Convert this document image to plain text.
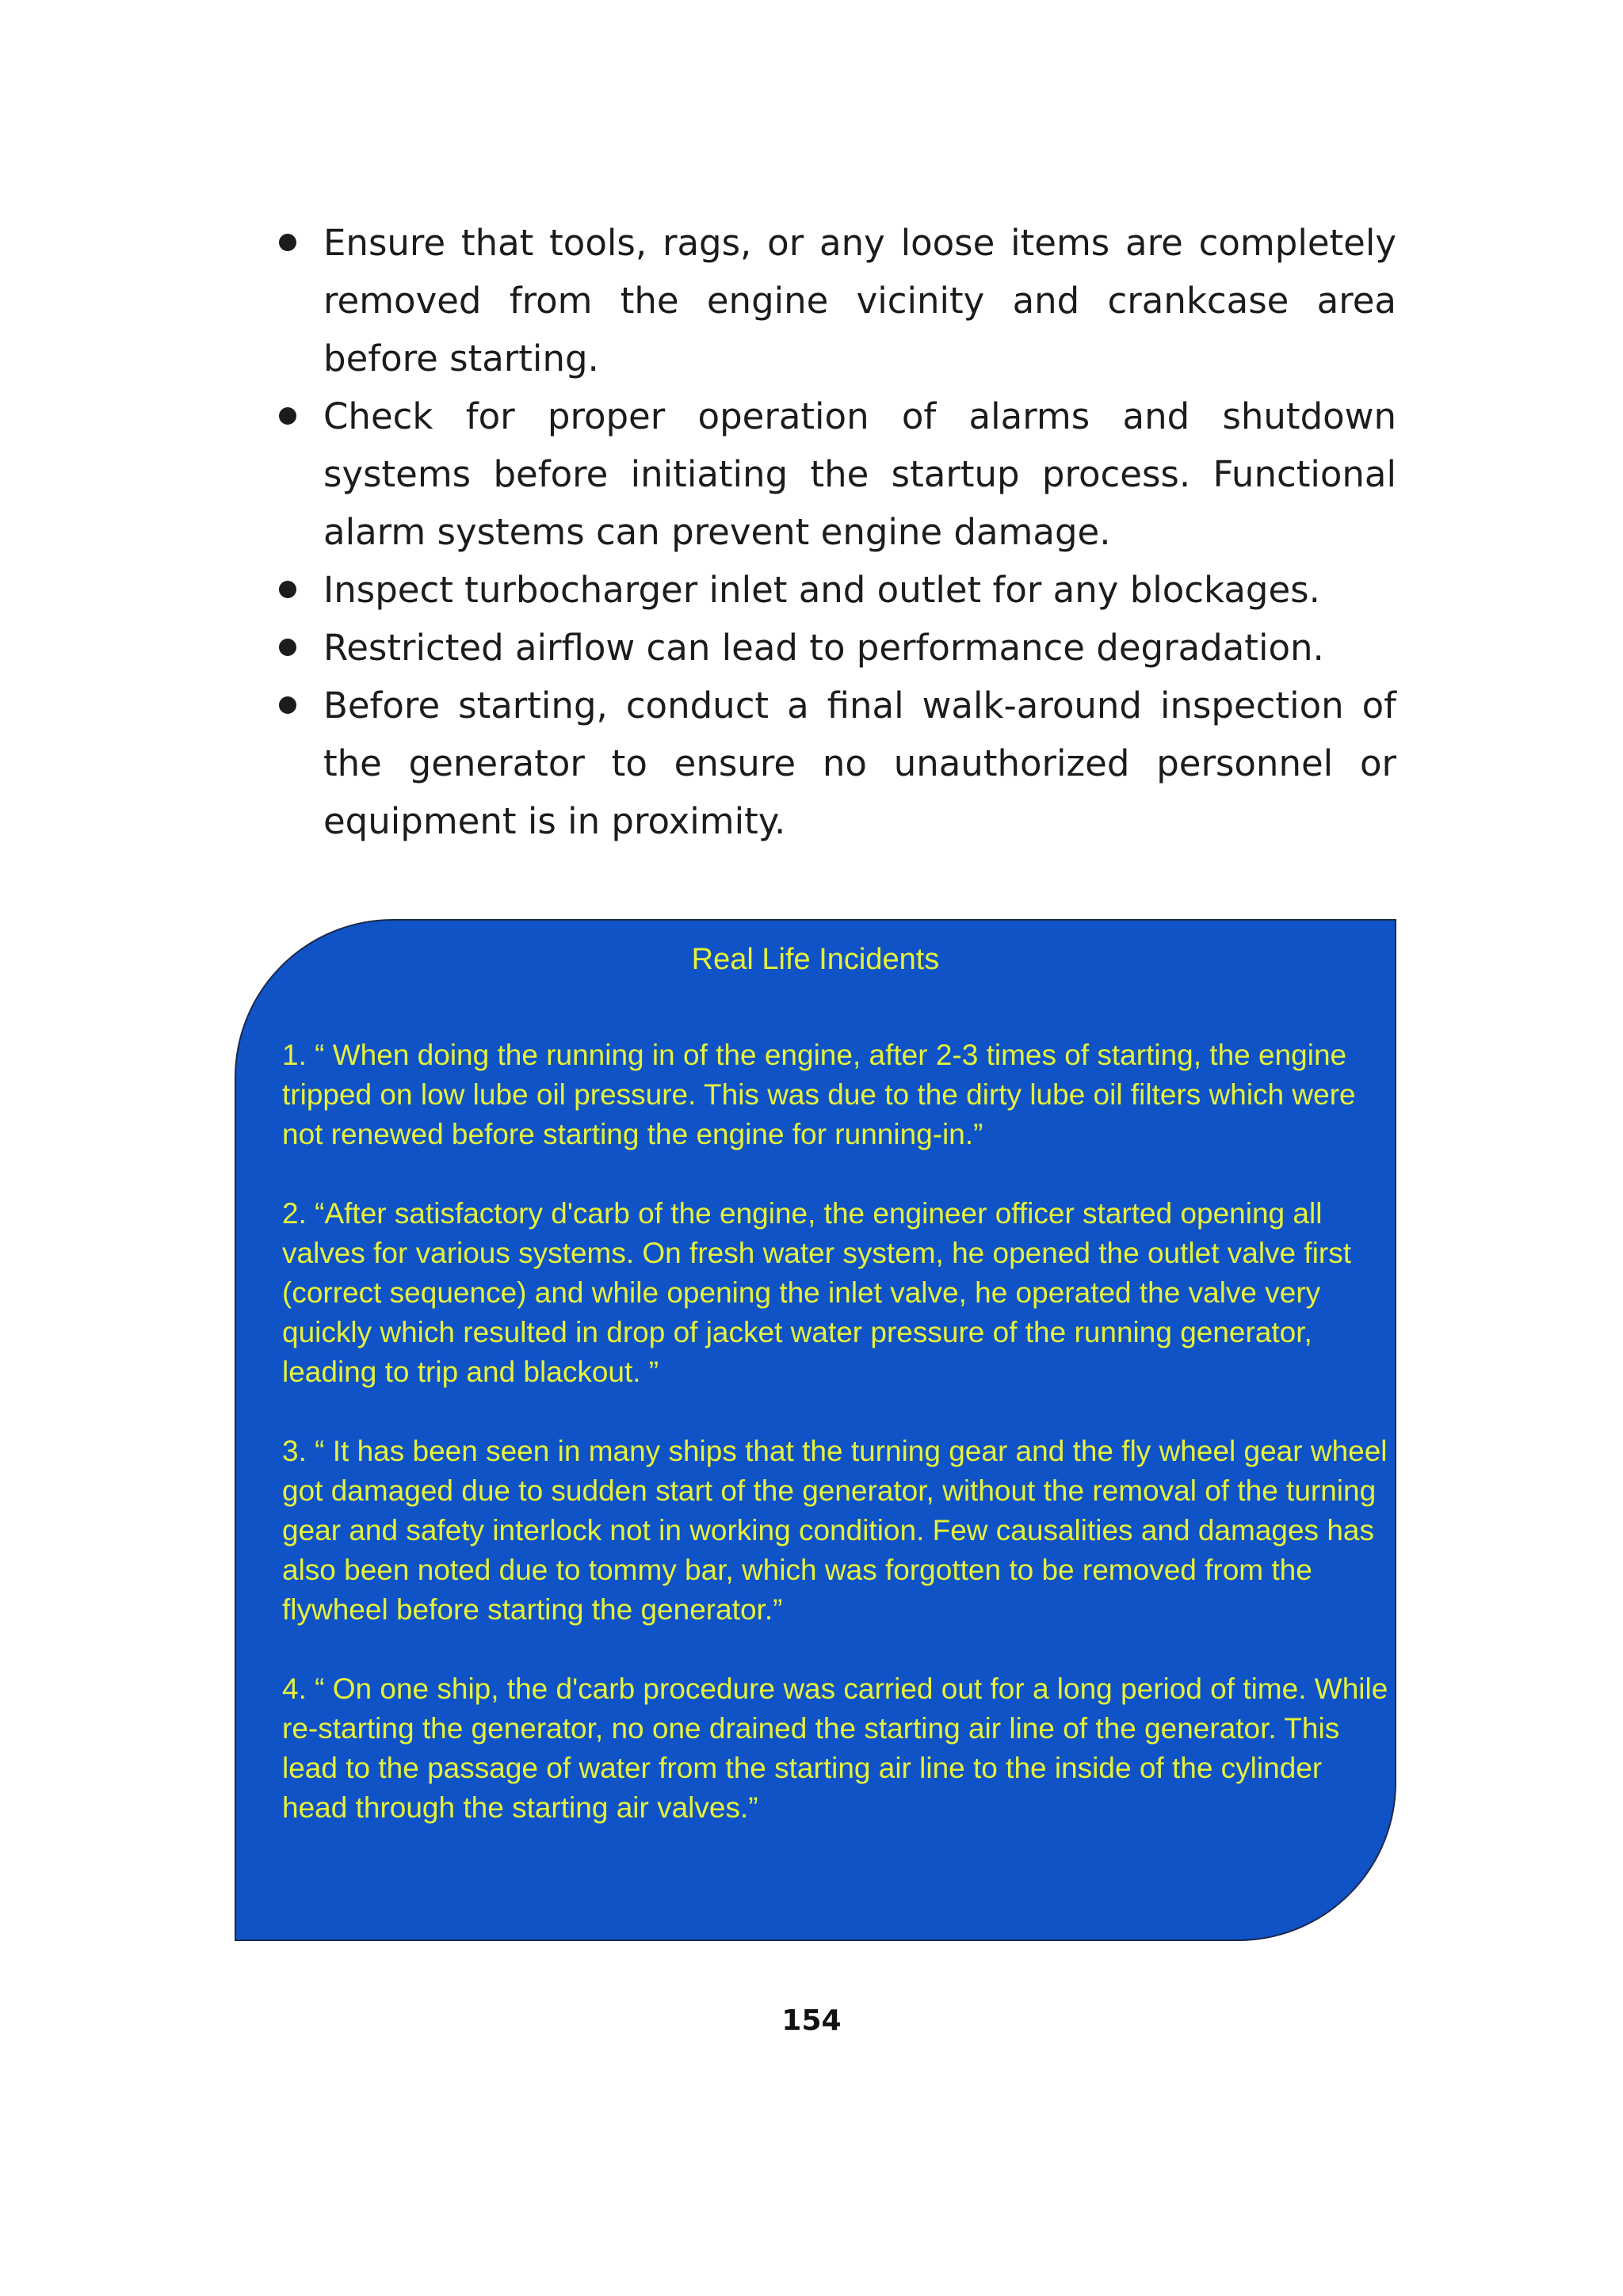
Ensure that tools, rags, or any loose items are completely removed from the engine vicinity and crankcase area before starting.
Check for proper operation of alarms and shutdown systems before initiating the startup process. Functional alarm systems can prevent engine damage.
Inspect turbocharger inlet and outlet for any blockages.
Restricted airflow can lead to performance degradation.
Before starting, conduct a final walk-around inspection of the generator to ensure no unauthorized personnel or equipment is in proximity.
Real Life Incidents

1. “ When doing the running in of the engine, after 2-3 times of starting, the engine tripped on low lube oil pressure. This was due to the dirty lube oil filters which were not renewed before starting the engine for running-in.”

2. “After satisfactory d'carb of the engine, the engineer officer started opening all valves for various systems. On fresh water system, he opened the outlet valve first (correct sequence) and while opening the inlet valve, he operated the valve very quickly which resulted in drop of jacket water pressure of the running generator, leading to trip and blackout. ”

3. “ It has been seen in many ships that the turning gear and the fly wheel gear wheel got damaged due to sudden start of the generator, without the removal of the turning gear and safety interlock not in working condition. Few causalities and damages has also been noted due to tommy bar, which was forgotten to be removed from the flywheel before starting the generator.”

4. “ On one ship, the d'carb procedure was carried out for a long period of time. While re-starting the generator, no one drained the starting air line of the generator. This lead to the passage of water from the starting air line to the inside of the cylinder head through the starting air valves.”

154
